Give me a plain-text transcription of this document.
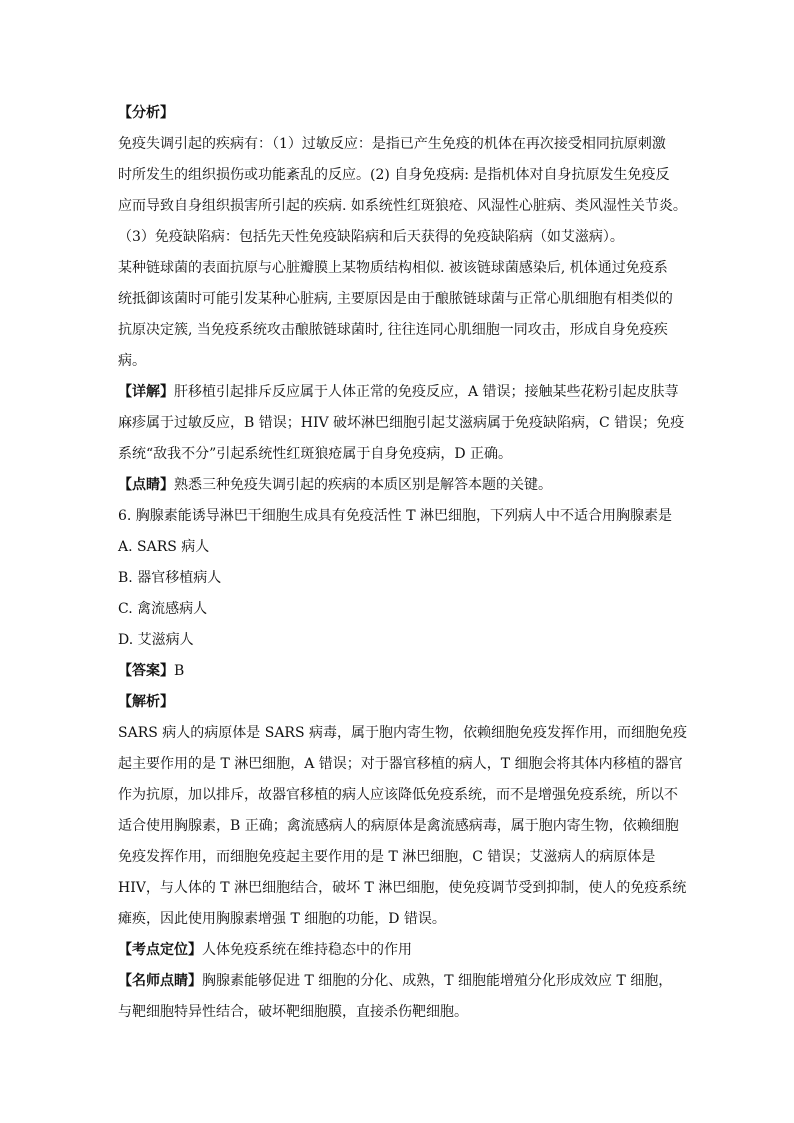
【分析】
免疫失调引起的疾病有：（1）过敏反应：是指已产生免疫的机体在再次接受相同抗原刺激
时所发生的组织损伤或功能紊乱的反应。(2) 自身免疫病: 是指机体对自身抗原发生免疫反
应而导致自身组织损害所引起的疾病. 如系统性红斑狼疮、风湿性心脏病、类风湿性关节炎。
（3）免疫缺陷病：包括先天性免疫缺陷病和后天获得的免疫缺陷病（如艾滋病）。
某种链球菌的表面抗原与心脏瓣膜上某物质结构相似. 被该链球菌感染后, 机体通过免疫系
统抵御该菌时可能引发某种心脏病, 主要原因是由于酿脓链球菌与正常心肌细胞有相类似的
抗原决定簇, 当免疫系统攻击酿脓链球菌时, 往往连同心肌细胞一同攻击，形成自身免疫疾
病。
【详解】肝移植引起排斥反应属于人体正常的免疫反应，A 错误；接触某些花粉引起皮肤荨
麻疹属于过敏反应，B 错误；HIV 破坏淋巴细胞引起艾滋病属于免疫缺陷病，C 错误；免疫
系统“敌我不分”引起系统性红斑狼疮属于自身免疫病，D 正确。
【点睛】熟悉三种免疫失调引起的疾病的本质区别是解答本题的关键。
6. 胸腺素能诱导淋巴干细胞生成具有免疫活性 T 淋巴细胞，下列病人中不适合用胸腺素是
A. SARS 病人
B. 器官移植病人
C. 禽流感病人
D. 艾滋病人
【答案】B
【解析】
SARS 病人的病原体是 SARS 病毒，属于胞内寄生物，依赖细胞免疫发挥作用，而细胞免疫
起主要作用的是 T 淋巴细胞，A 错误；对于器官移植的病人，T 细胞会将其体内移植的器官
作为抗原，加以排斥，故器官移植的病人应该降低免疫系统，而不是增强免疫系统，所以不
适合使用胸腺素，B 正确；禽流感病人的病原体是禽流感病毒，属于胞内寄生物，依赖细胞
免疫发挥作用，而细胞免疫起主要作用的是 T 淋巴细胞，C 错误；艾滋病人的病原体是
HIV，与人体的 T 淋巴细胞结合，破坏 T 淋巴细胞，使免疫调节受到抑制，使人的免疫系统
瘫痪，因此使用胸腺素增强 T 细胞的功能，D 错误。
【考点定位】人体免疫系统在维持稳态中的作用
【名师点睛】胸腺素能够促进 T 细胞的分化、成熟，T 细胞能增殖分化形成效应 T 细胞，
与靶细胞特异性结合，破坏靶细胞膜，直接杀伤靶细胞。
